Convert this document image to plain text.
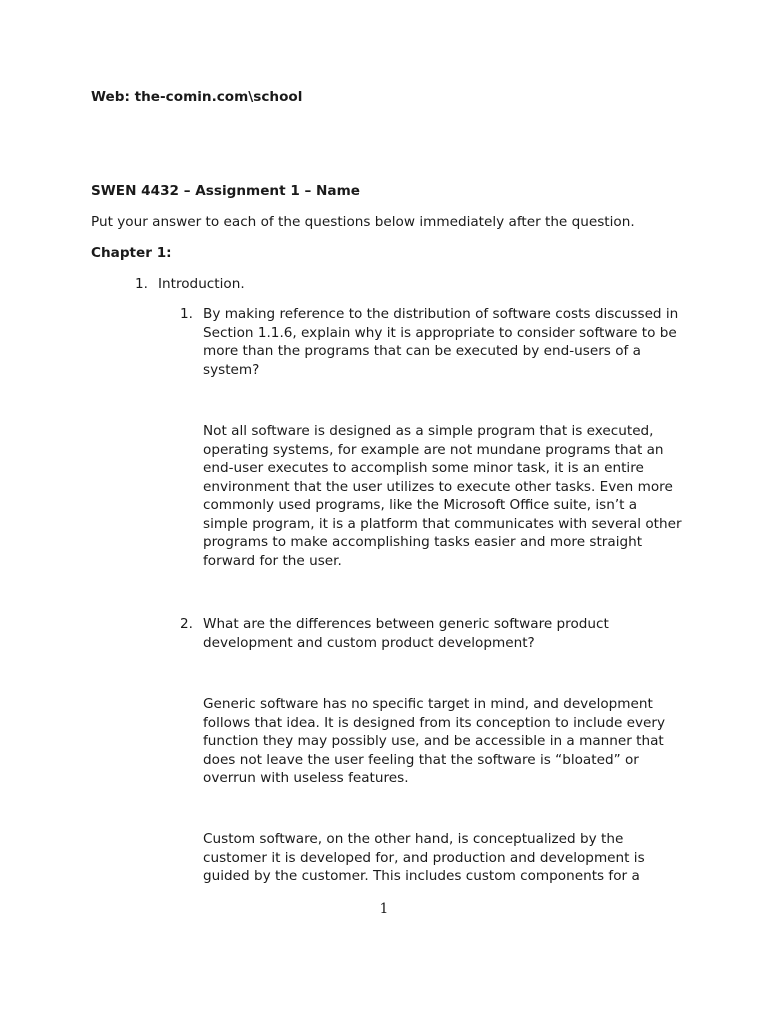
Web: the-comin.com\school

SWEN 4432 – Assignment 1 – Name

Put your answer to each of the questions below immediately after the question.

Chapter 1:

1. Introduction.
1. By making reference to the distribution of software costs discussed in Section 1.1.6, explain why it is appropriate to consider software to be more than the programs that can be executed by end-users of a system?

Not all software is designed as a simple program that is executed, operating systems, for example are not mundane programs that an end-user executes to accomplish some minor task, it is an entire environment that the user utilizes to execute other tasks. Even more commonly used programs, like the Microsoft Office suite, isn’t a simple program, it is a platform that communicates with several other programs to make accomplishing tasks easier and more straight forward for the user.

2. What are the differences between generic software product development and custom product development?

Generic software has no specific target in mind, and development follows that idea. It is designed from its conception to include every function they may possibly use, and be accessible in a manner that does not leave the user feeling that the software is “bloated” or overrun with useless features.

Custom software, on the other hand, is conceptualized by the customer it is developed for, and production and development is guided by the customer. This includes custom components for a

1
